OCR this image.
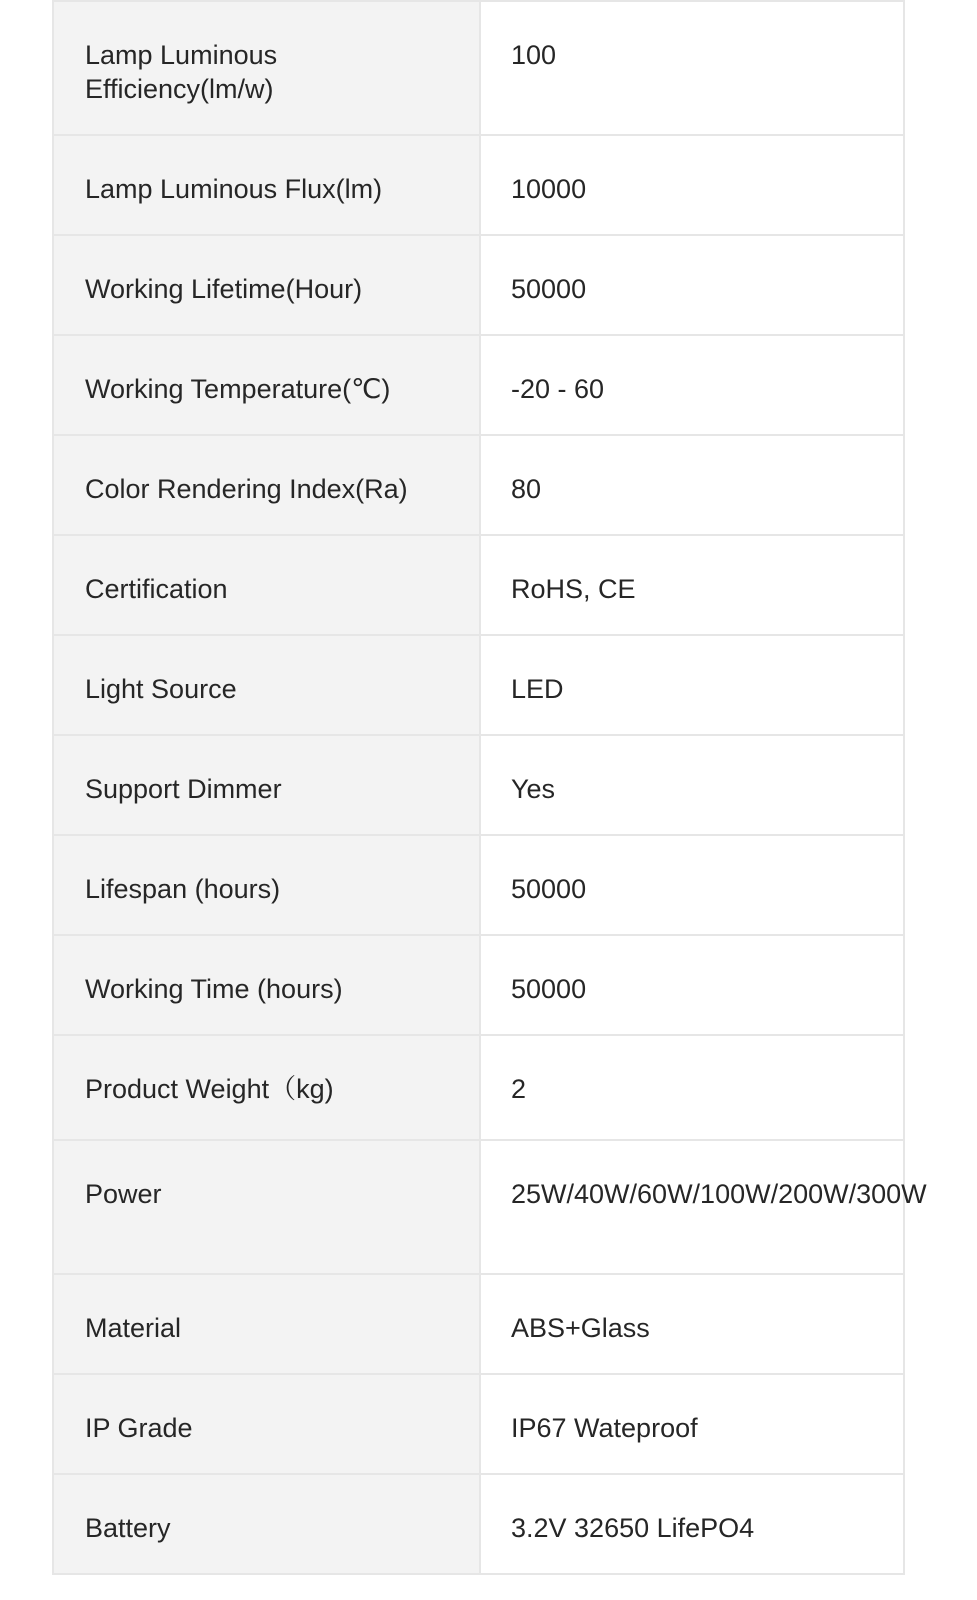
Lamp Luminous Efficiency(lm/w)	100
Lamp Luminous Flux(lm)	10000
Working Lifetime(Hour)	50000
Working Temperature(℃)	-20 - 60
Color Rendering Index(Ra)	80
Certification	RoHS, CE
Light Source	LED
Support Dimmer	Yes
Lifespan (hours)	50000
Working Time (hours)	50000
Product Weight（kg)	2
Power	25W/40W/60W/100W/200W/300W
Material	ABS+Glass
IP Grade	IP67 Wateproof
Battery	3.2V 32650 LifePO4
